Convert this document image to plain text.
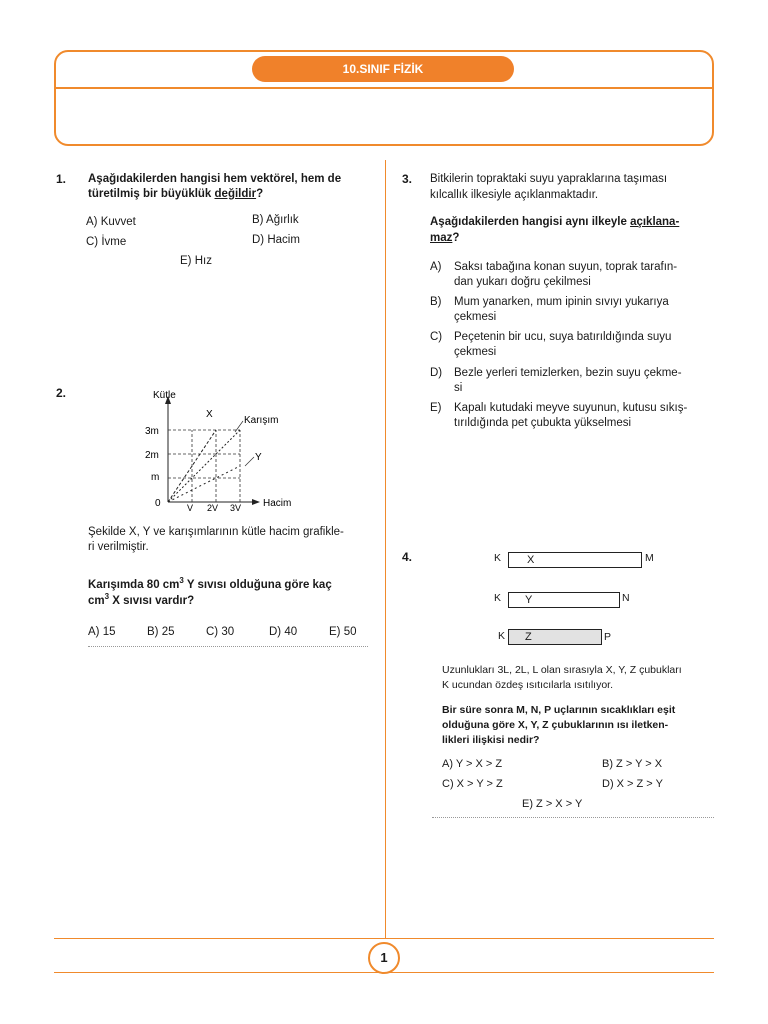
10.SINIF FİZİK
1. Aşağıdakilerden hangisi hem vektörel, hem de
türetilmiş bir büyüklük değildir?
A) Kuvvet	B) Ağırlık
C) İvme	D) Hacim
E) Hız
2.	Kütle
Hacim
3m
2m
m
0	V 2V 3V
X
Karışım
Y
Şekilde X, Y ve karışımlarının kütle hacim grafikle-
ri verilmiştir.
Karışımda 80 $cm^3$ Y sıvısı olduğuna göre kaç
$cm^3$ X sıvısı vardır?
A) 15	B) 25	C) 30	D) 40	E) 50
3. Bitkilerin topraktaki suyu yapraklarına taşıması
kılcallık ilkesiyle açıklanmaktadır.
Aşağıdakilerden hangisi aynı ilkeyle açıklana-
maz?
A) Saksı tabağına konan suyun, toprak tarafın-
dan yukarı doğru çekilmesi
B) Mum yanarken, mum ipinin sıvıyı yukarıya
çekmesi
C) Peçetenin bir ucu, suya batırıldığında suyu
çekmesi
D) Bezle yerleri temizlerken, bezin suyu çekme-
si
E) Kapalı kutudaki meyve suyunun, kutusu sıkış-
tırıldığında pet çubukta yükselmesi
4.	K	X	M
K	Y	N
K	Z	P
Uzunlukları 3L, 2L, L olan sırasıyla X, Y, Z çubukları
K ucundan özdeş ısıtıcılarla ısıtılıyor.
Bir süre sonra M, N, P uçlarının sıcaklıkları eşit
olduğuna göre X, Y, Z çubuklarının ısı iletken-
likleri ilişkisi nedir?
A) Y > X > Z	B) Z > Y > X
C) X > Y > Z	D) X > Z > Y
E) Z > X > Y
1
